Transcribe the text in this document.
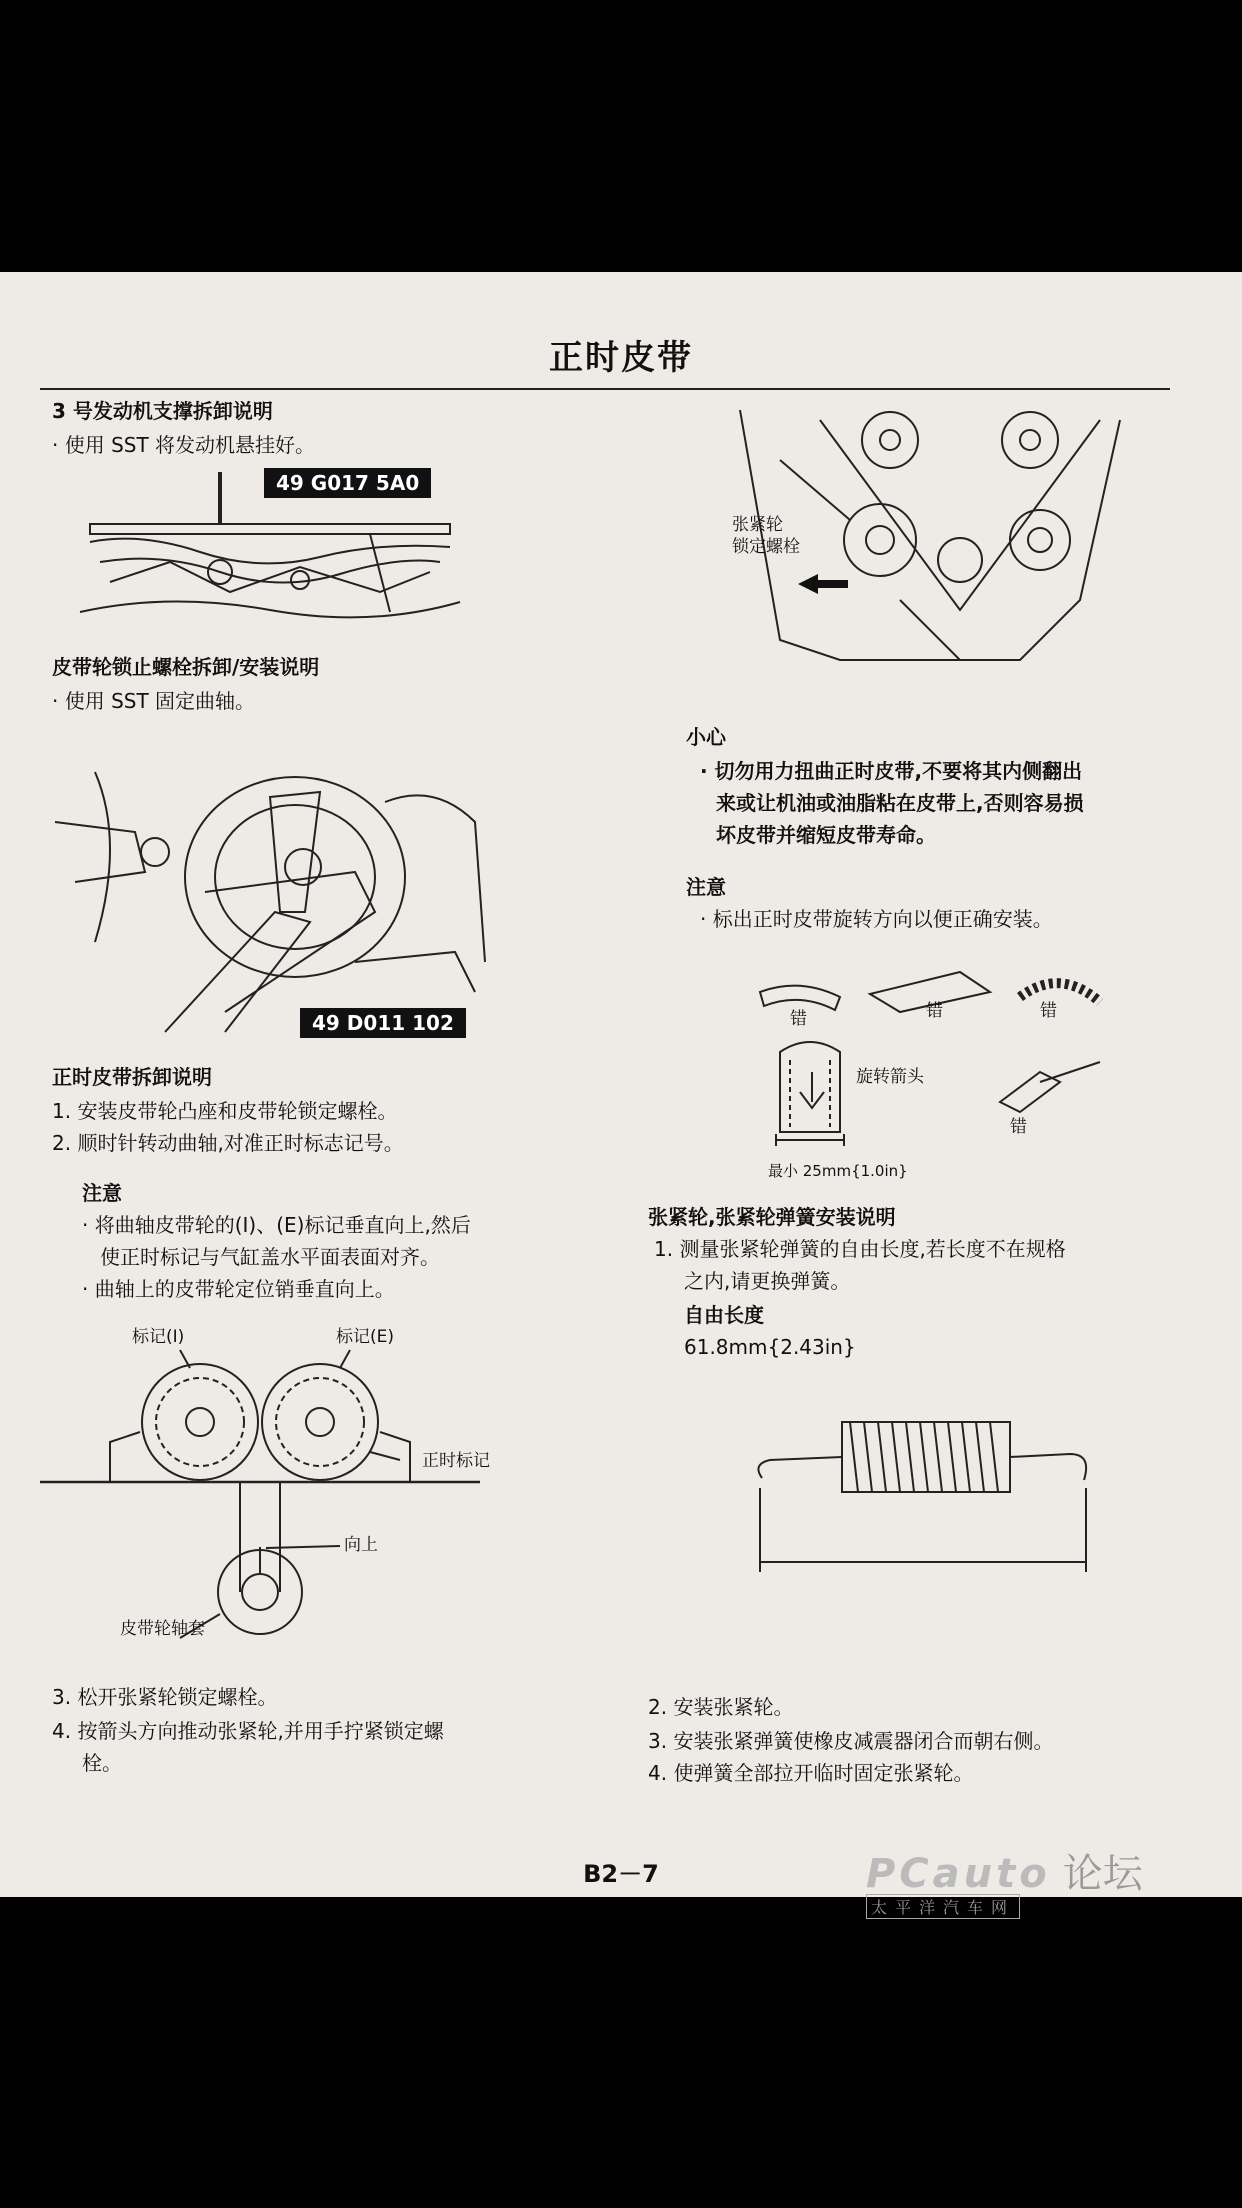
正时皮带
3 号发动机支撑拆卸说明
· 使用 SST 将发动机悬挂好。
49 G017 5A0
皮带轮锁止螺栓拆卸/安装说明
· 使用 SST 固定曲轴。
49 D011 102
正时皮带拆卸说明
1. 安装皮带轮凸座和皮带轮锁定螺栓。
2. 顺时针转动曲轴,对准正时标志记号。
注意
· 将曲轴皮带轮的(I)、(E)标记垂直向上,然后
使正时标记与气缸盖水平面表面对齐。
· 曲轴上的皮带轮定位销垂直向上。
标记(I)	标记(E)
正时标记
向上
皮带轮轴套
3. 松开张紧轮锁定螺栓。
4. 按箭头方向推动张紧轮,并用手拧紧锁定螺
栓。
张紧轮
锁定螺栓
小心
· 切勿用力扭曲正时皮带,不要将其内侧翻出
来或让机油或油脂粘在皮带上,否则容易损
坏皮带并缩短皮带寿命。
注意
· 标出正时皮带旋转方向以便正确安装。
错	错	错
旋转箭头
错
最小 25mm{1.0in}
张紧轮,张紧轮弹簧安装说明
1. 测量张紧轮弹簧的自由长度,若长度不在规格
之内,请更换弹簧。
自由长度
61.8mm{2.43in}
2. 安装张紧轮。
3. 安装张紧弹簧使橡皮减震器闭合而朝右侧。
4. 使弹簧全部拉开临时固定张紧轮。
PCauto 论坛
太平洋汽车网
B2－7
